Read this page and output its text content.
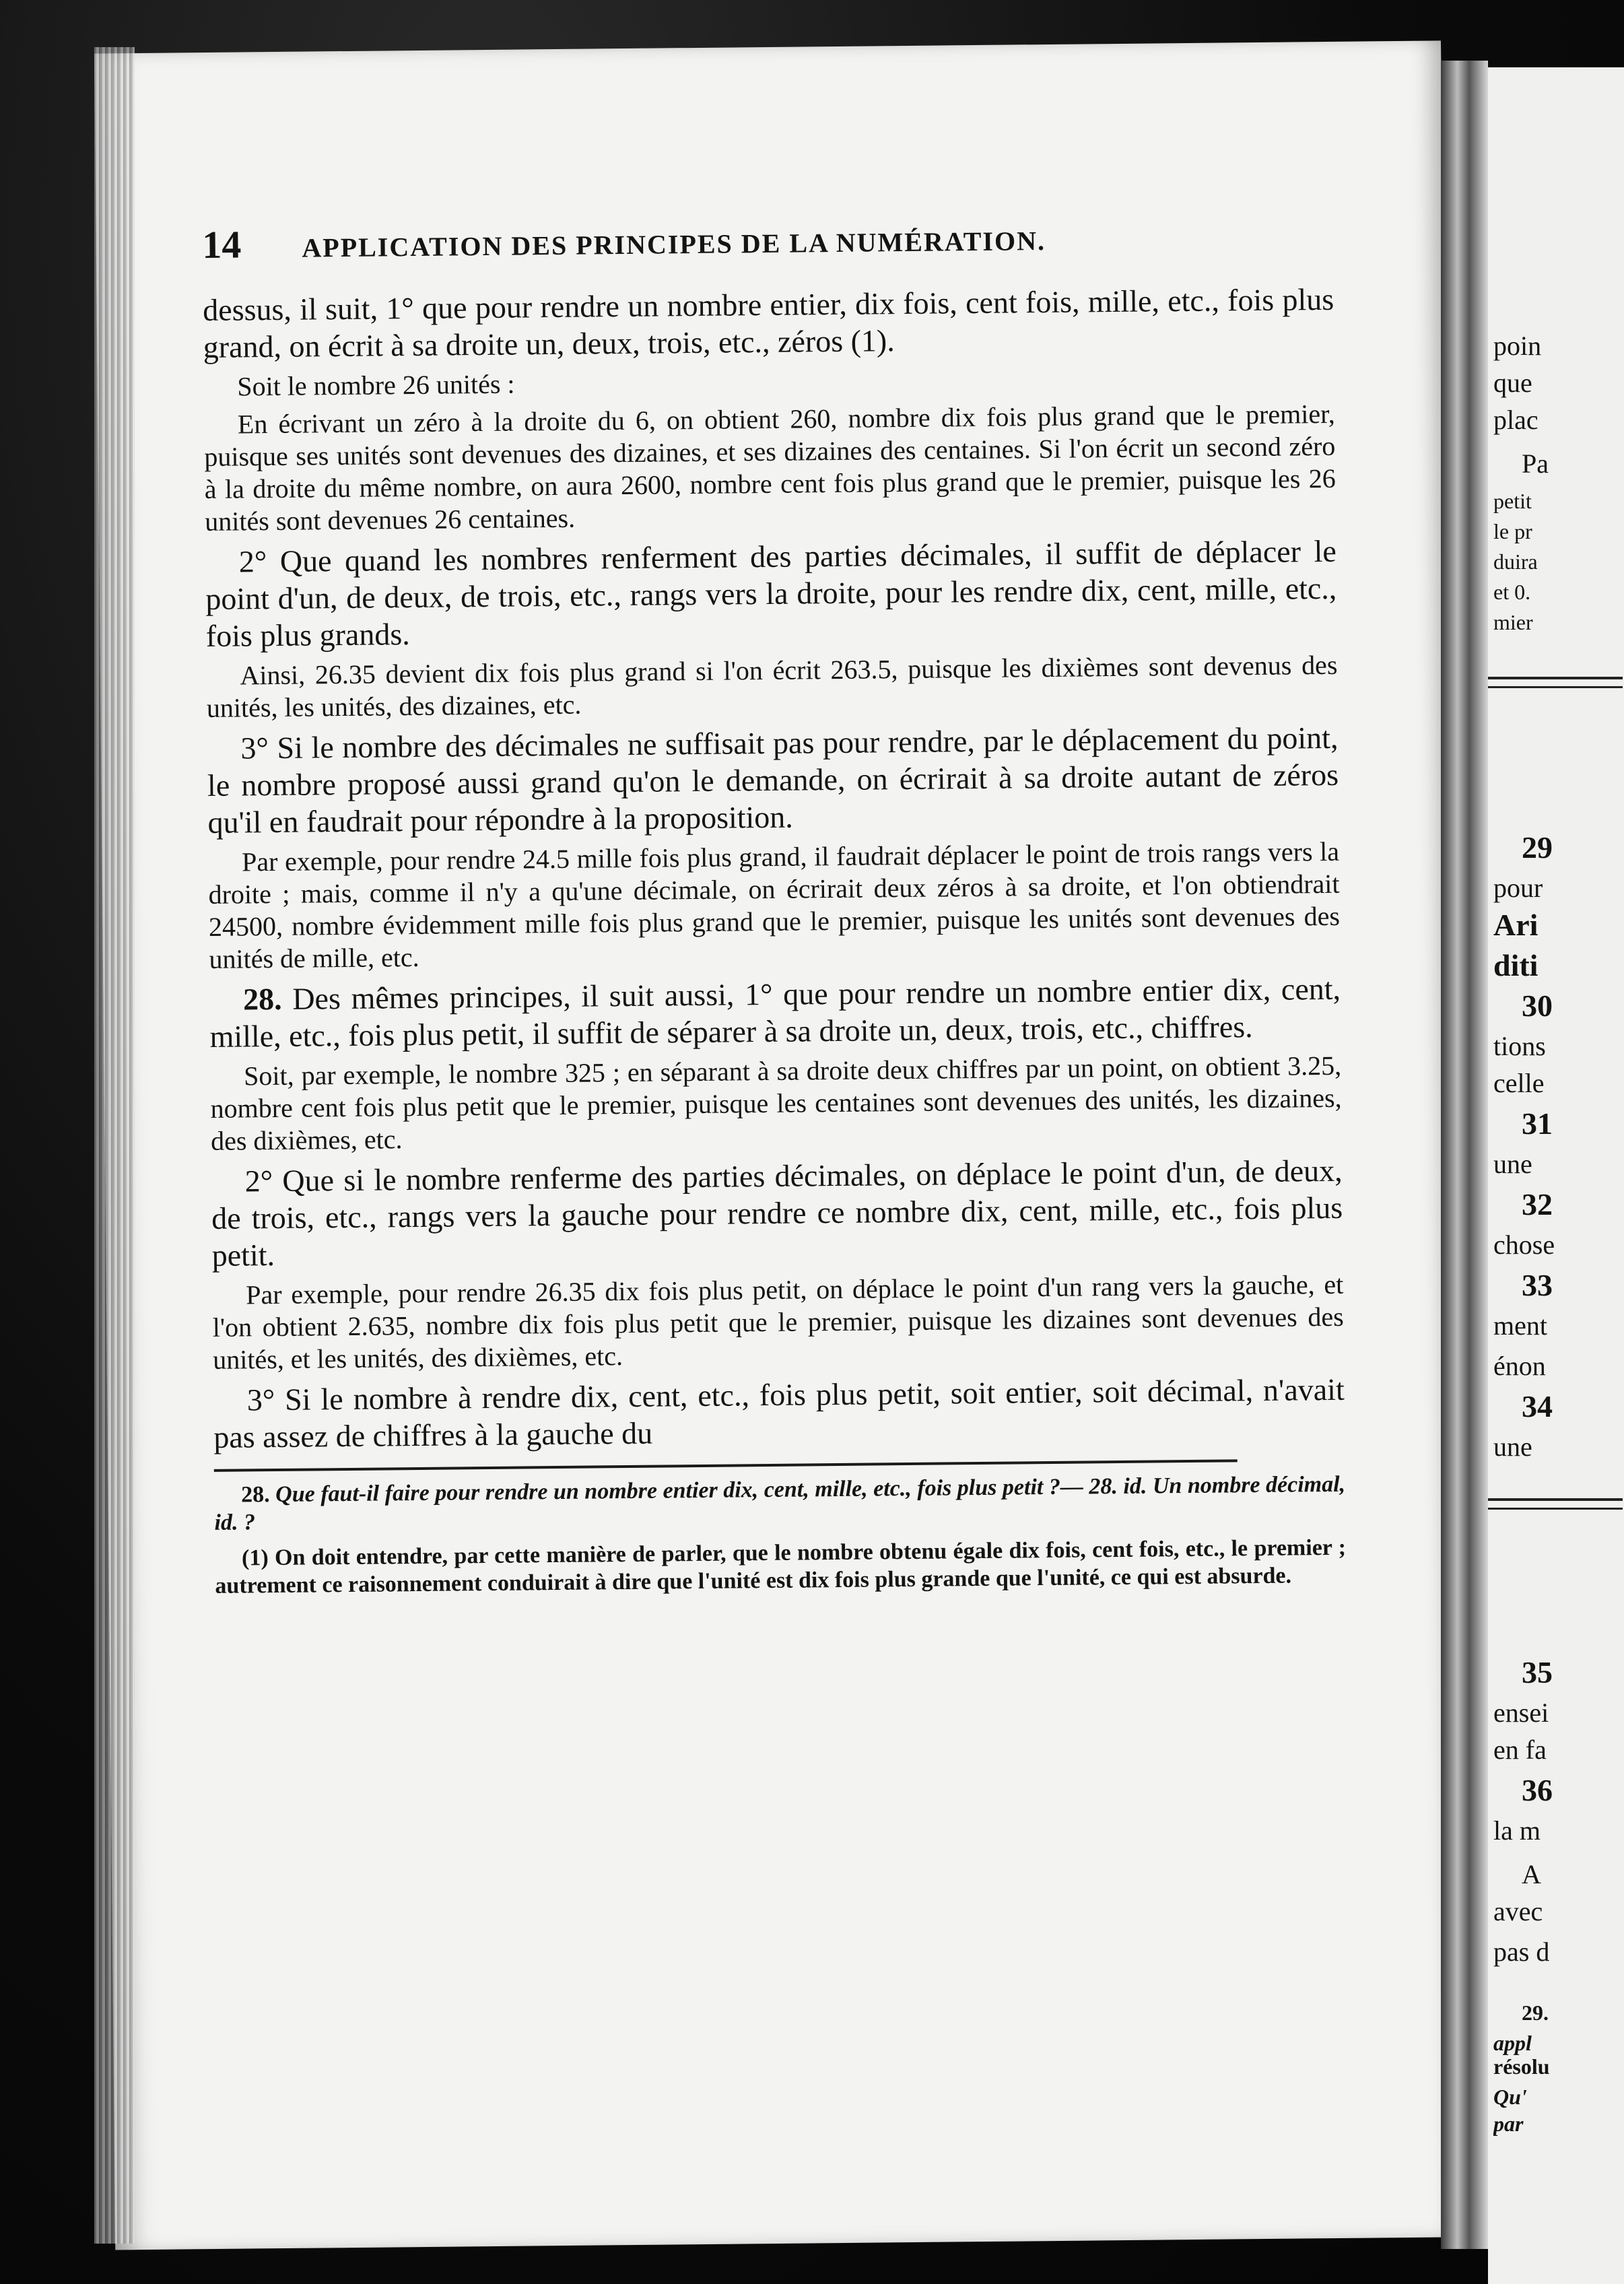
poin
que
plac
Pa
petit
le pr
duira
et 0.
mier
29
pour
Ari
diti
30
tions
celle
31
une
32
chose
33
ment
énon
34
une
35
ensei
en fa
36
la m
A
avec
pas d
29.
appl
résolu
Qu'
par
14 APPLICATION DES PRINCIPES DE LA NUMÉRATION.

dessus, il suit, 1° que pour rendre un nombre entier, dix fois, cent fois, mille, etc., fois plus grand, on écrit à sa droite un, deux, trois, etc., zéros (1).

Soit le nombre 26 unités :

En écrivant un zéro à la droite du 6, on obtient 260, nombre dix fois plus grand que le premier, puisque ses unités sont devenues des dizaines, et ses dizaines des centaines. Si l'on écrit un second zéro à la droite du même nombre, on aura 2600, nombre cent fois plus grand que le premier, puisque les 26 unités sont devenues 26 centaines.

2° Que quand les nombres renferment des parties décimales, il suffit de déplacer le point d'un, de deux, de trois, etc., rangs vers la droite, pour les rendre dix, cent, mille, etc., fois plus grands.

Ainsi, 26.35 devient dix fois plus grand si l'on écrit 263.5, puisque les dixièmes sont devenus des unités, les unités, des dizaines, etc.

3° Si le nombre des décimales ne suffisait pas pour rendre, par le déplacement du point, le nombre proposé aussi grand qu'on le demande, on écrirait à sa droite autant de zéros qu'il en faudrait pour répondre à la proposition.

Par exemple, pour rendre 24.5 mille fois plus grand, il faudrait déplacer le point de trois rangs vers la droite ; mais, comme il n'y a qu'une décimale, on écrirait deux zéros à sa droite, et l'on obtiendrait 24500, nombre évidemment mille fois plus grand que le premier, puisque les unités sont devenues des unités de mille, etc.

28. Des mêmes principes, il suit aussi, 1° que pour rendre un nombre entier dix, cent, mille, etc., fois plus petit, il suffit de séparer à sa droite un, deux, trois, etc., chiffres.

Soit, par exemple, le nombre 325 ; en séparant à sa droite deux chiffres par un point, on obtient 3.25, nombre cent fois plus petit que le premier, puisque les centaines sont devenues des unités, les dizaines, des dixièmes, etc.

2° Que si le nombre renferme des parties décimales, on déplace le point d'un, de deux, de trois, etc., rangs vers la gauche pour rendre ce nombre dix, cent, mille, etc., fois plus petit.

Par exemple, pour rendre 26.35 dix fois plus petit, on déplace le point d'un rang vers la gauche, et l'on obtient 2.635, nombre dix fois plus petit que le premier, puisque les dizaines sont devenues des unités, et les unités, des dixièmes, etc.

3° Si le nombre à rendre dix, cent, etc., fois plus petit, soit entier, soit décimal, n'avait pas assez de chiffres à la gauche du

28. Que faut-il faire pour rendre un nombre entier dix, cent, mille, etc., fois plus petit ?— 28. id. Un nombre décimal, id. ?

(1) On doit entendre, par cette manière de parler, que le nombre obtenu égale dix fois, cent fois, etc., le premier ; autrement ce raisonnement conduirait à dire que l'unité est dix fois plus grande que l'unité, ce qui est absurde.
